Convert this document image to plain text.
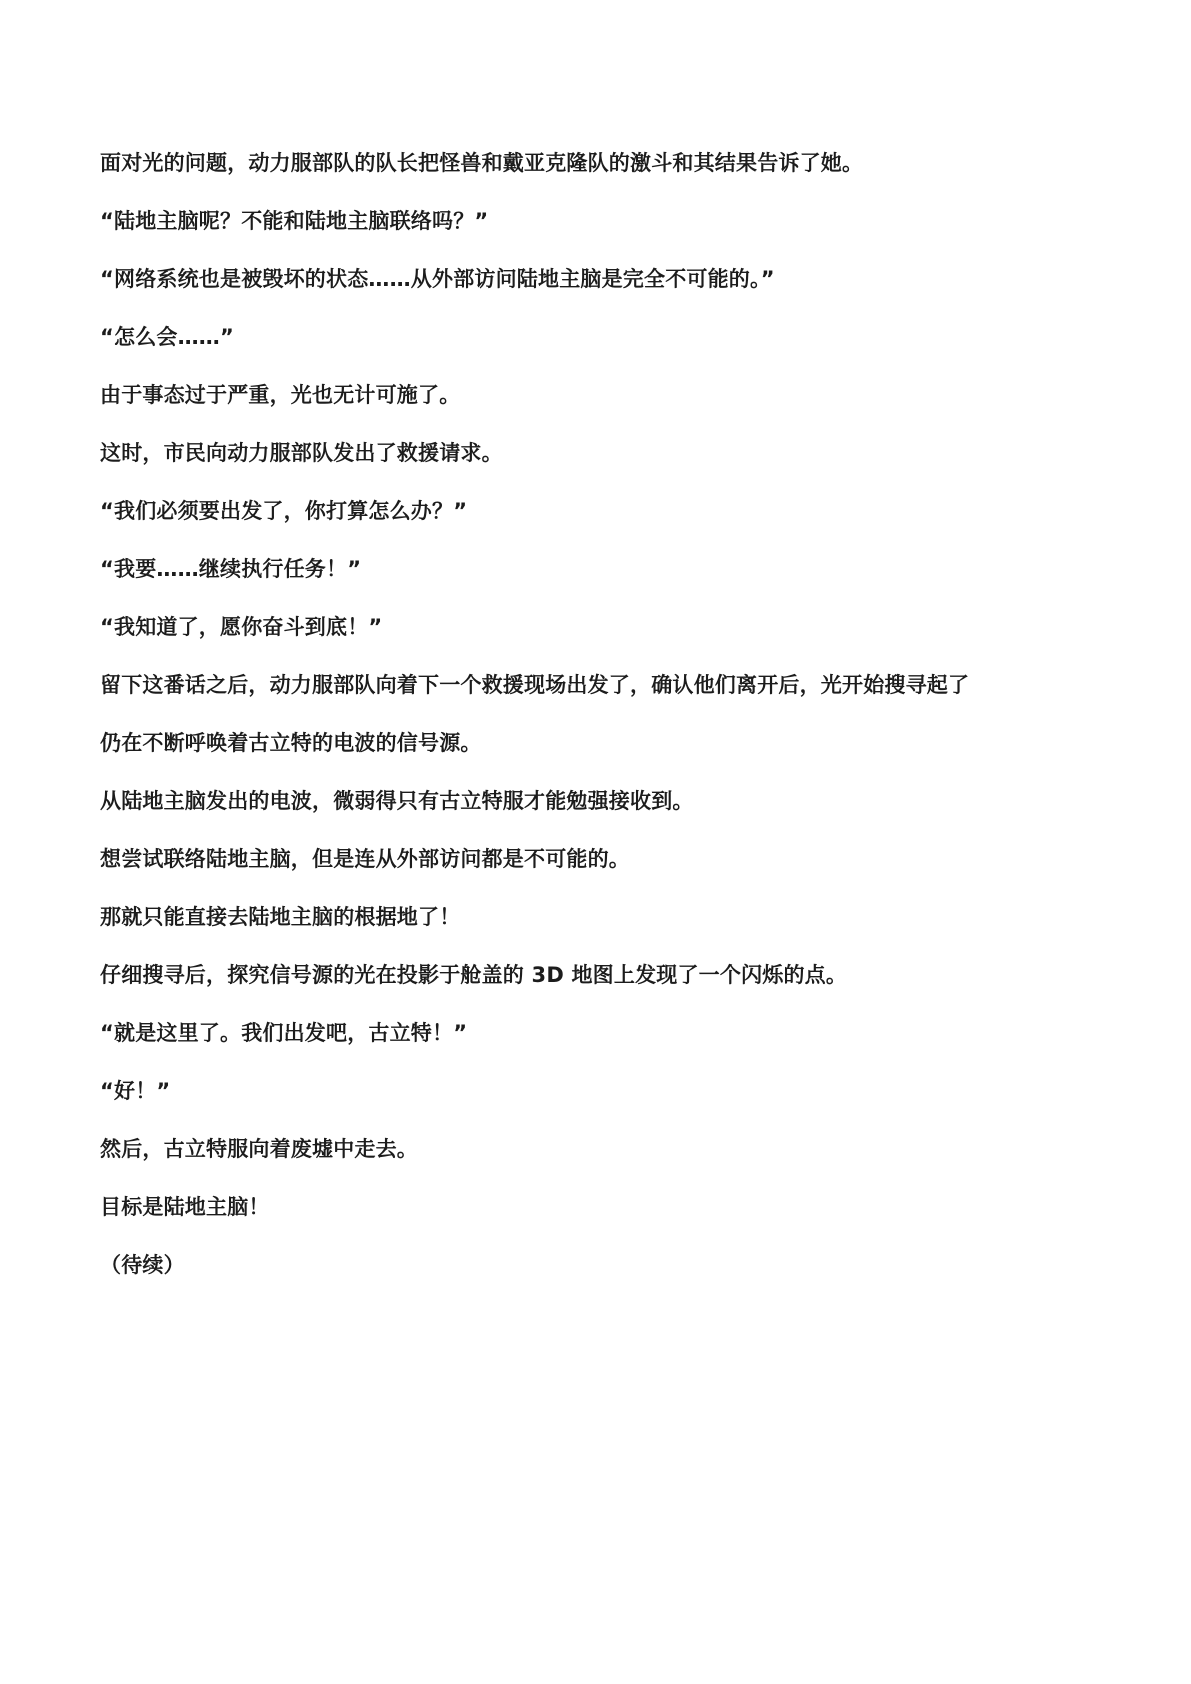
面对光的问题，动力服部队的队长把怪兽和戴亚克隆队的激斗和其结果告诉了她。
“陆地主脑呢？不能和陆地主脑联络吗？”
“网络系统也是被毁坏的状态……从外部访问陆地主脑是完全不可能的。”
“怎么会……”
由于事态过于严重，光也无计可施了。
这时，市民向动力服部队发出了救援请求。
“我们必须要出发了，你打算怎么办？”
“我要……继续执行任务！”
“我知道了，愿你奋斗到底！”
留下这番话之后，动力服部队向着下一个救援现场出发了，确认他们离开后，光开始搜寻起了
仍在不断呼唤着古立特的电波的信号源。
从陆地主脑发出的电波，微弱得只有古立特服才能勉强接收到。
想尝试联络陆地主脑，但是连从外部访问都是不可能的。
那就只能直接去陆地主脑的根据地了！
仔细搜寻后，探究信号源的光在投影于舱盖的 3D 地图上发现了一个闪烁的点。
“就是这里了。我们出发吧，古立特！”
“好！”
然后，古立特服向着废墟中走去。
目标是陆地主脑！
（待续）
